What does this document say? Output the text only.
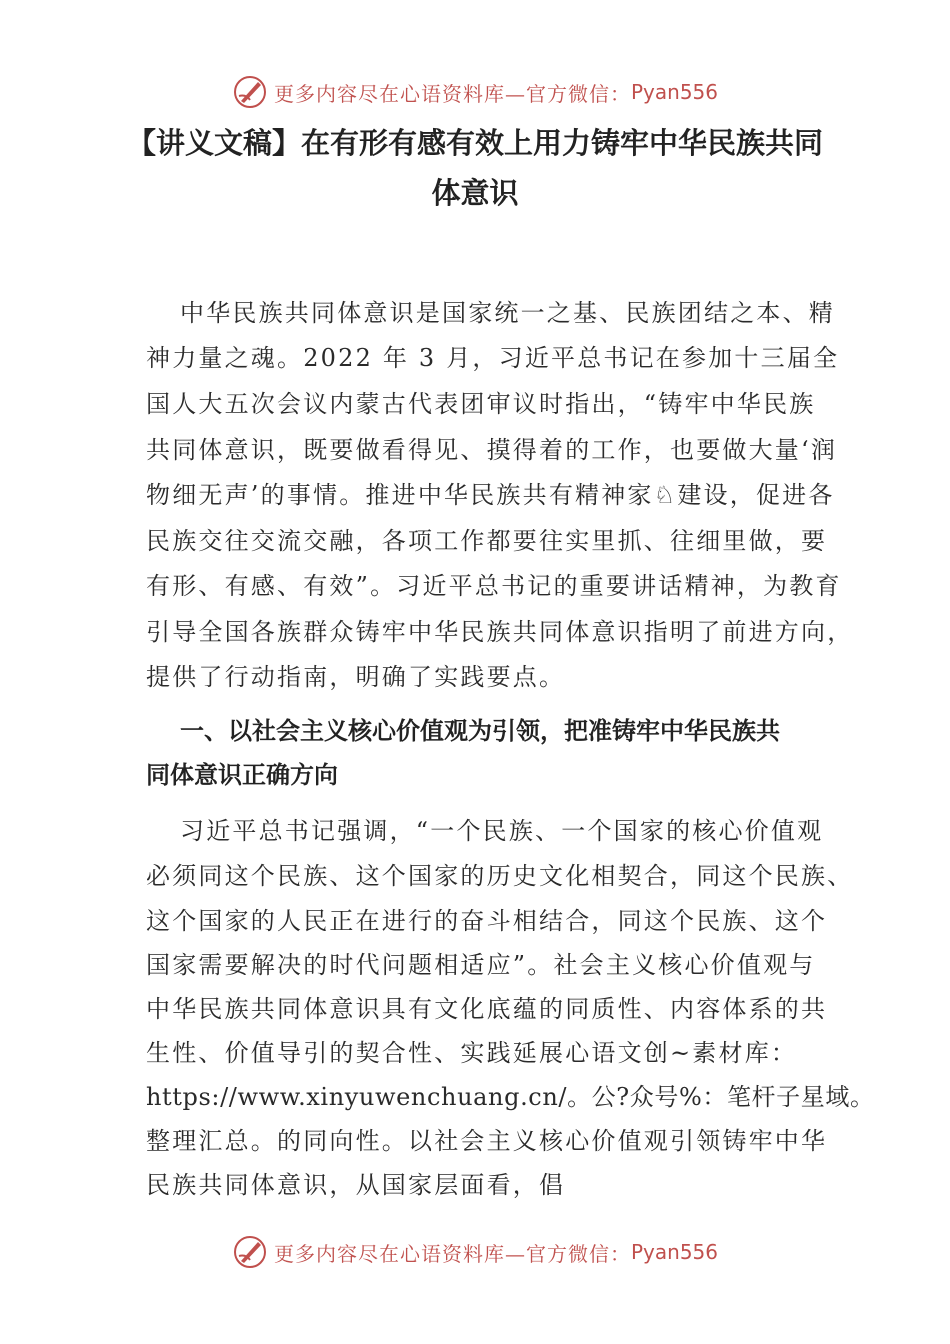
更多内容尽在心语资料库—官方微信： Pyan556
【讲义文稿】在有形有感有效上用力铸牢中华民族共同
体意识
中华民族共同体意识是国家统一之基、民族团结之本、精
神力量之魂。2022 年 3 月，习近平总书记在参加十三届全
国人大五次会议内蒙古代表团审议时指出，“铸牢中华民族
共同体意识，既要做看得见、摸得着的工作，也要做大量‘润
物细无声’的事情。推进中华民族共有精神家♘建设，促进各
民族交往交流交融，各项工作都要往实里抓、往细里做，要
有形、有感、有效”。习近平总书记的重要讲话精神，为教育
引导全国各族群众铸牢中华民族共同体意识指明了前进方向，
提供了行动指南，明确了实践要点。
一、以社会主义核心价值观为引领，把准铸牢中华民族共
同体意识正确方向
习近平总书记强调，“一个民族、一个国家的核心价值观
必须同这个民族、这个国家的历史文化相契合，同这个民族、
这个国家的人民正在进行的奋斗相结合，同这个民族、这个
国家需要解决的时代问题相适应”。社会主义核心价值观与
中华民族共同体意识具有文化底蕴的同质性、内容体系的共
生性、价值导引的契合性、实践延展心语文创~素材库：
https://www.xinyuwenchuang.cn/。公?众号%：笔杆子星域。
整理汇总。的同向性。以社会主义核心价值观引领铸牢中华
民族共同体意识，从国家层面看，倡
更多内容尽在心语资料库—官方微信： Pyan556
